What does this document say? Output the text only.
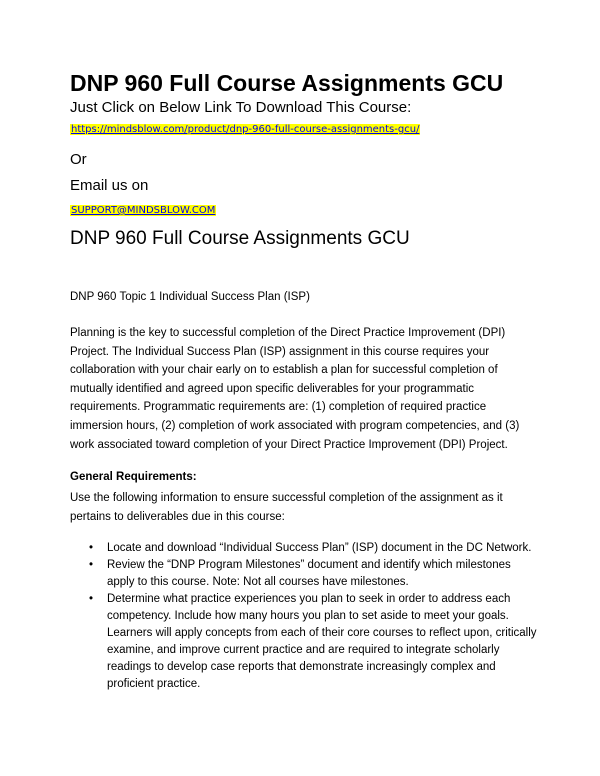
DNP 960 Full Course Assignments GCU
Just Click on Below Link To Download This Course:
https://mindsblow.com/product/dnp-960-full-course-assignments-gcu/
Or
Email us on
SUPPORT@MINDSBLOW.COM
DNP 960 Full Course Assignments GCU
DNP 960 Topic 1 Individual Success Plan (ISP)
Planning is the key to successful completion of the Direct Practice Improvement (DPI) Project. The Individual Success Plan (ISP) assignment in this course requires your collaboration with your chair early on to establish a plan for successful completion of mutually identified and agreed upon specific deliverables for your programmatic requirements. Programmatic requirements are: (1) completion of required practice immersion hours, (2) completion of work associated with program competencies, and (3) work associated toward completion of your Direct Practice Improvement (DPI) Project.
General Requirements:
Use the following information to ensure successful completion of the assignment as it pertains to deliverables due in this course:
• Locate and download “Individual Success Plan” (ISP) document in the DC Network.
• Review the “DNP Program Milestones” document and identify which milestones apply to this course. Note: Not all courses have milestones.
• Determine what practice experiences you plan to seek in order to address each competency. Include how many hours you plan to set aside to meet your goals. Learners will apply concepts from each of their core courses to reflect upon, critically examine, and improve current practice and are required to integrate scholarly readings to develop case reports that demonstrate increasingly complex and proficient practice.
